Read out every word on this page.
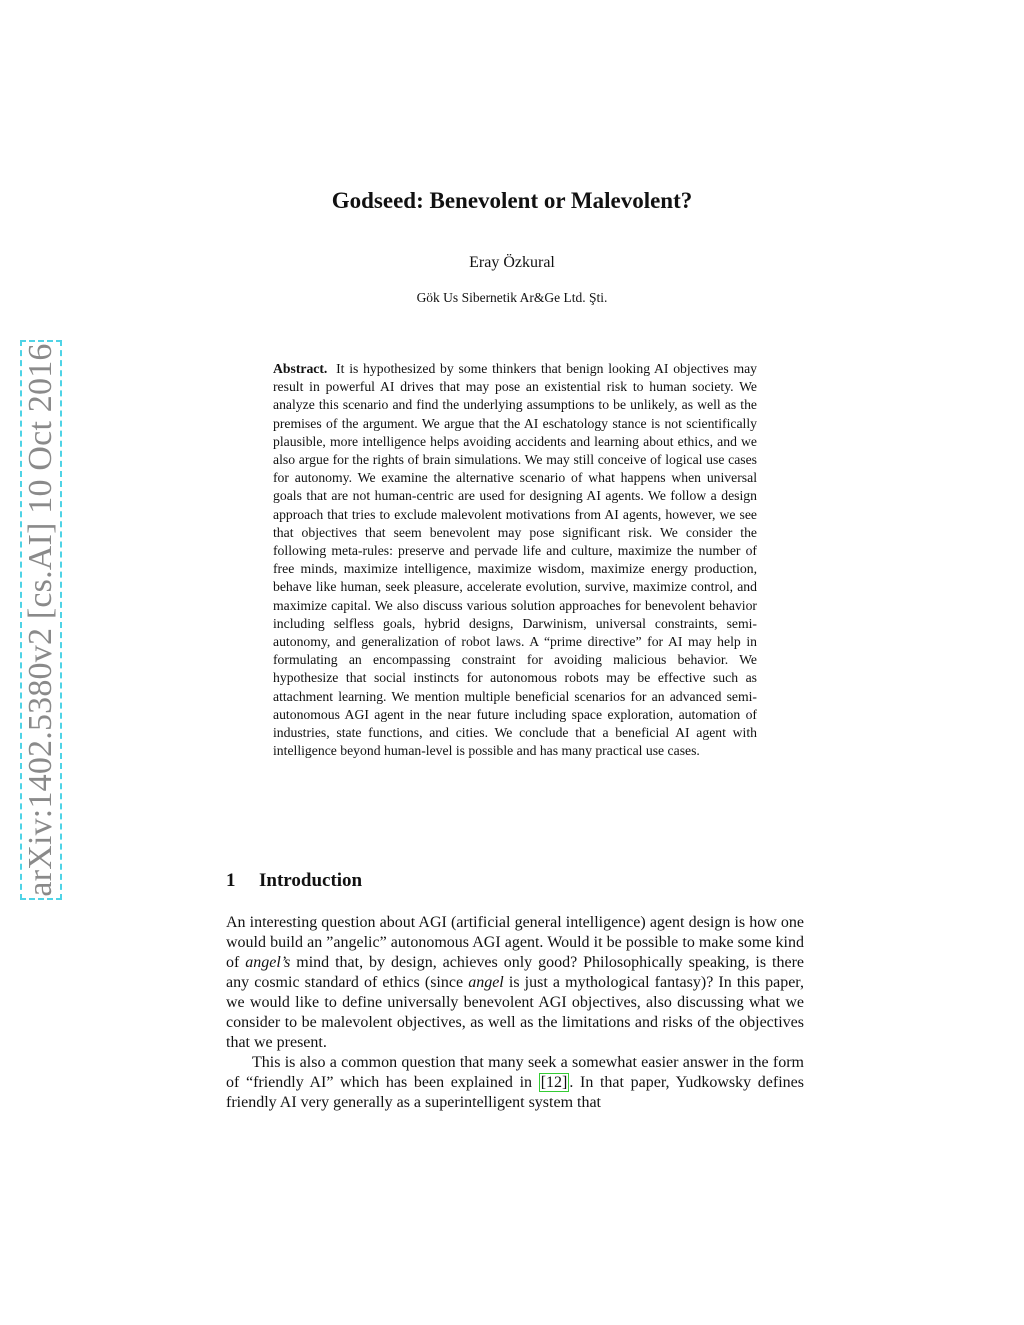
arXiv:1402.5380v2 [cs.AI] 10 Oct 2016
Godseed: Benevolent or Malevolent?
Eray Özkural
Gök Us Sibernetik Ar&Ge Ltd. Şti.
Abstract. It is hypothesized by some thinkers that benign looking AI objectives may result in powerful AI drives that may pose an existential risk to human society. We analyze this scenario and find the underlying assumptions to be unlikely, as well as the premises of the argument. We argue that the AI eschatology stance is not scientifically plausible, more intelligence helps avoiding accidents and learning about ethics, and we also argue for the rights of brain simulations. We may still conceive of logical use cases for autonomy. We examine the alternative scenario of what happens when universal goals that are not human-centric are used for designing AI agents. We follow a design approach that tries to exclude malevolent motivations from AI agents, however, we see that objectives that seem benevolent may pose significant risk. We consider the following meta-rules: preserve and pervade life and culture, maximize the number of free minds, maximize intelligence, maximize wisdom, maximize energy production, behave like human, seek pleasure, accelerate evolution, survive, maximize control, and maximize capital. We also discuss various solution approaches for benevolent behavior including selfless goals, hybrid designs, Darwinism, universal constraints, semi-autonomy, and generalization of robot laws. A “prime directive” for AI may help in formulating an encompassing constraint for avoiding malicious behavior. We hypothesize that social instincts for autonomous robots may be effective such as attachment learning. We mention multiple beneficial scenarios for an advanced semi-autonomous AGI agent in the near future including space exploration, automation of industries, state functions, and cities. We conclude that a beneficial AI agent with intelligence beyond human-level is possible and has many practical use cases.
1 Introduction

An interesting question about AGI (artificial general intelligence) agent design is how one would build an ”angelic” autonomous AGI agent. Would it be possible to make some kind of angel’s mind that, by design, achieves only good? Philosophically speaking, is there any cosmic standard of ethics (since angel is just a mythological fantasy)? In this paper, we would like to define universally benevolent AGI objectives, also discussing what we consider to be malevolent objectives, as well as the limitations and risks of the objectives that we present.

This is also a common question that many seek a somewhat easier answer in the form of “friendly AI” which has been explained in [12] . In that paper, Yudkowsky defines friendly AI very generally as a superintelligent system that
